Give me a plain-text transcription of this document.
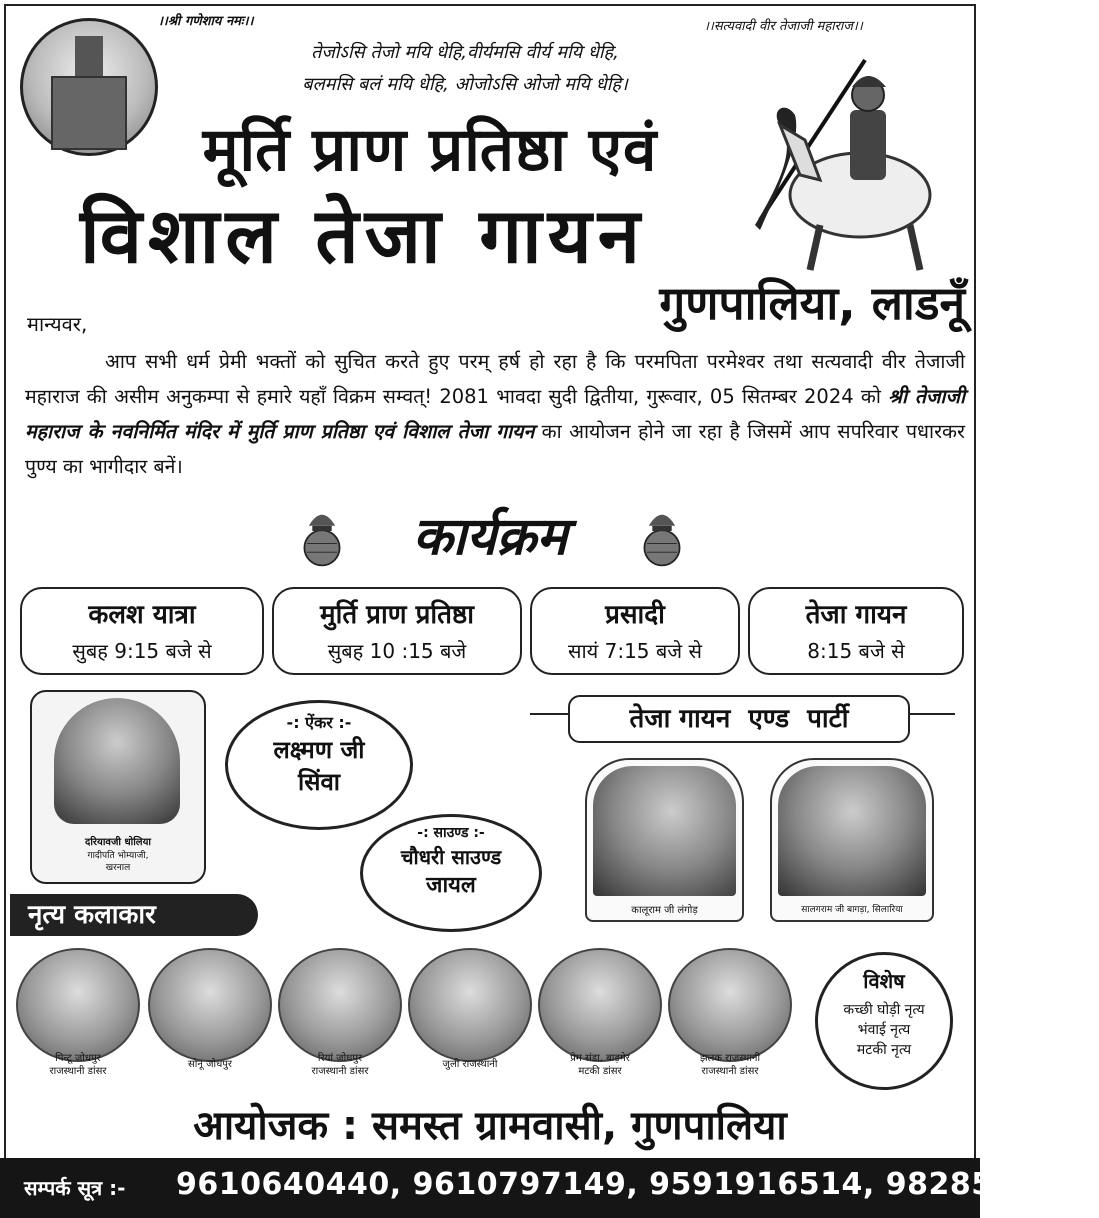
।।श्री गणेशाय नमः।।	।।सत्यवादी वीर तेजाजी महाराज।।
तेजोऽसि तेजो मयि धेहि,वीर्यमसि वीर्य मयि धेहि,
बलमसि बलं मयि धेहि, ओजोऽसि ओजो मयि धेहि।
मूर्ति प्राण प्रतिष्ठा एवं
विशाल तेजा गायन
गुणपालिया, लाडनूँ
मान्यवर,
आप सभी धर्म प्रेमी भक्तों को सुचित करते हुए परम् हर्ष हो रहा है कि परमपिता परमेश्वर तथा सत्यवादी वीर तेजाजी महाराज की असीम अनुकम्पा से हमारे यहाँ विक्रम सम्वत्! 2081 भावदा सुदी द्वितीया, गुरूवार, 05 सितम्बर 2024 को श्री तेजाजी महाराज के नवनिर्मित मंदिर में मुर्ति प्राण प्रतिष्ठा एवं विशाल तेजा गायन का आयोजन होने जा रहा है जिसमें आप सपरिवार पधारकर पुण्य का भागीदार बनें।
कार्यक्रम
कलश यात्रा
सुबह 9:15 बजे से
मुर्ति प्राण प्रतिष्ठा
सुबह 10 :15 बजे
प्रसादी
सायं 7:15 बजे से
तेजा गायन
8:15 बजे से
दरियावजी धोलिया
गादीपति भोम्याजी,
खरनाल
-: ऐंकर :-
लक्ष्मण जी
सिंवा
-: साउण्ड :-
चौधरी साउण्ड
जायल
तेजा गायन  एण्ड  पार्टी
कालूराम जी लंगोड़	सालगराम जी बागड़ा, सिलारिया
नृत्य कलाकार
पिन्टू जोधपुर
राजस्थानी डांसर
सोनू जोधपुर
रियां जोधपुर
राजस्थानी डांसर
जुली राजस्थानी
प्रेम संडा, बाड़मेर
मटकी डांसर
झलक राजस्थानी
राजस्थानी डांसर
विशेष
कच्छी घोड़ी नृत्य
भंवाई नृत्य
मटकी नृत्य
आयोजक : समस्त ग्रामवासी, गुणपालिया
सम्पर्क सूत्र :- 9610640440, 9610797149, 9591916514, 9828511325
